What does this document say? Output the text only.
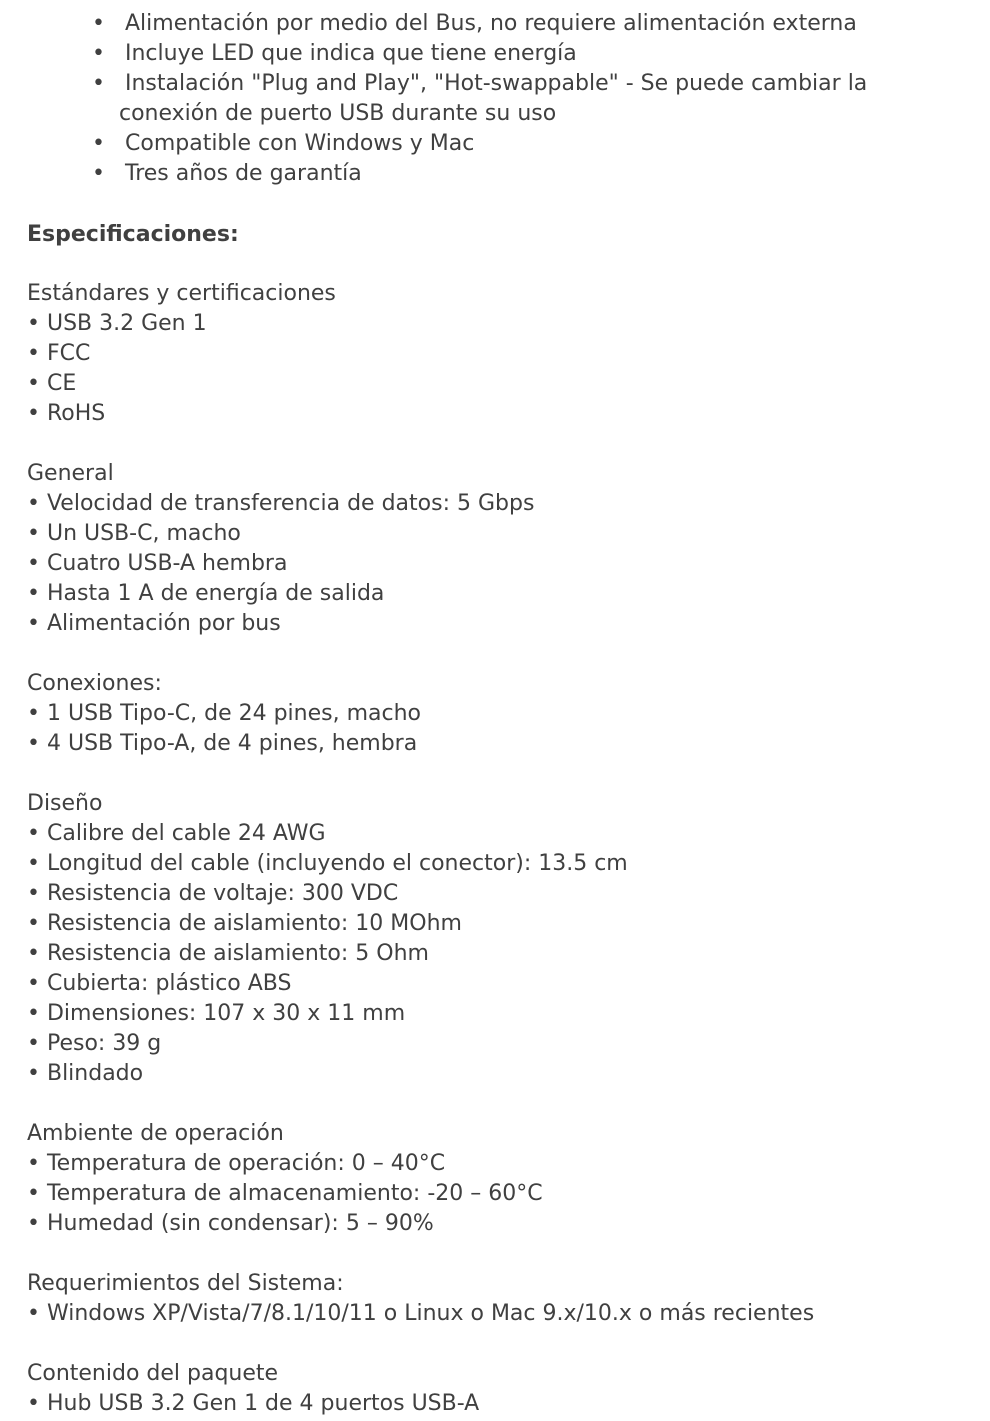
• Alimentación por medio del Bus, no requiere alimentación externa
• Incluye LED que indica que tiene energía
• Instalación "Plug and Play", "Hot-swappable" - Se puede cambiar la
conexión de puerto USB durante su uso
• Compatible con Windows y Mac
• Tres años de garantía
Especificaciones:
Estándares y certificaciones
• USB 3.2 Gen 1
• FCC
• CE
• RoHS
General
• Velocidad de transferencia de datos: 5 Gbps
• Un USB-C, macho
• Cuatro USB-A hembra
• Hasta 1 A de energía de salida
• Alimentación por bus
Conexiones:
• 1 USB Tipo-C, de 24 pines, macho
• 4 USB Tipo-A, de 4 pines, hembra
Diseño
• Calibre del cable 24 AWG
• Longitud del cable (incluyendo el conector): 13.5 cm
• Resistencia de voltaje: 300 VDC
• Resistencia de aislamiento: 10 MOhm
• Resistencia de aislamiento: 5 Ohm
• Cubierta: plástico ABS
• Dimensiones: 107 x 30 x 11 mm
• Peso: 39 g
• Blindado
Ambiente de operación
• Temperatura de operación: 0 – 40°C
• Temperatura de almacenamiento: -20 – 60°C
• Humedad (sin condensar): 5 – 90%
Requerimientos del Sistema:
• Windows XP/Vista/7/8.1/10/11 o Linux o Mac 9.x/10.x o más recientes
Contenido del paquete
• Hub USB 3.2 Gen 1 de 4 puertos USB-A
